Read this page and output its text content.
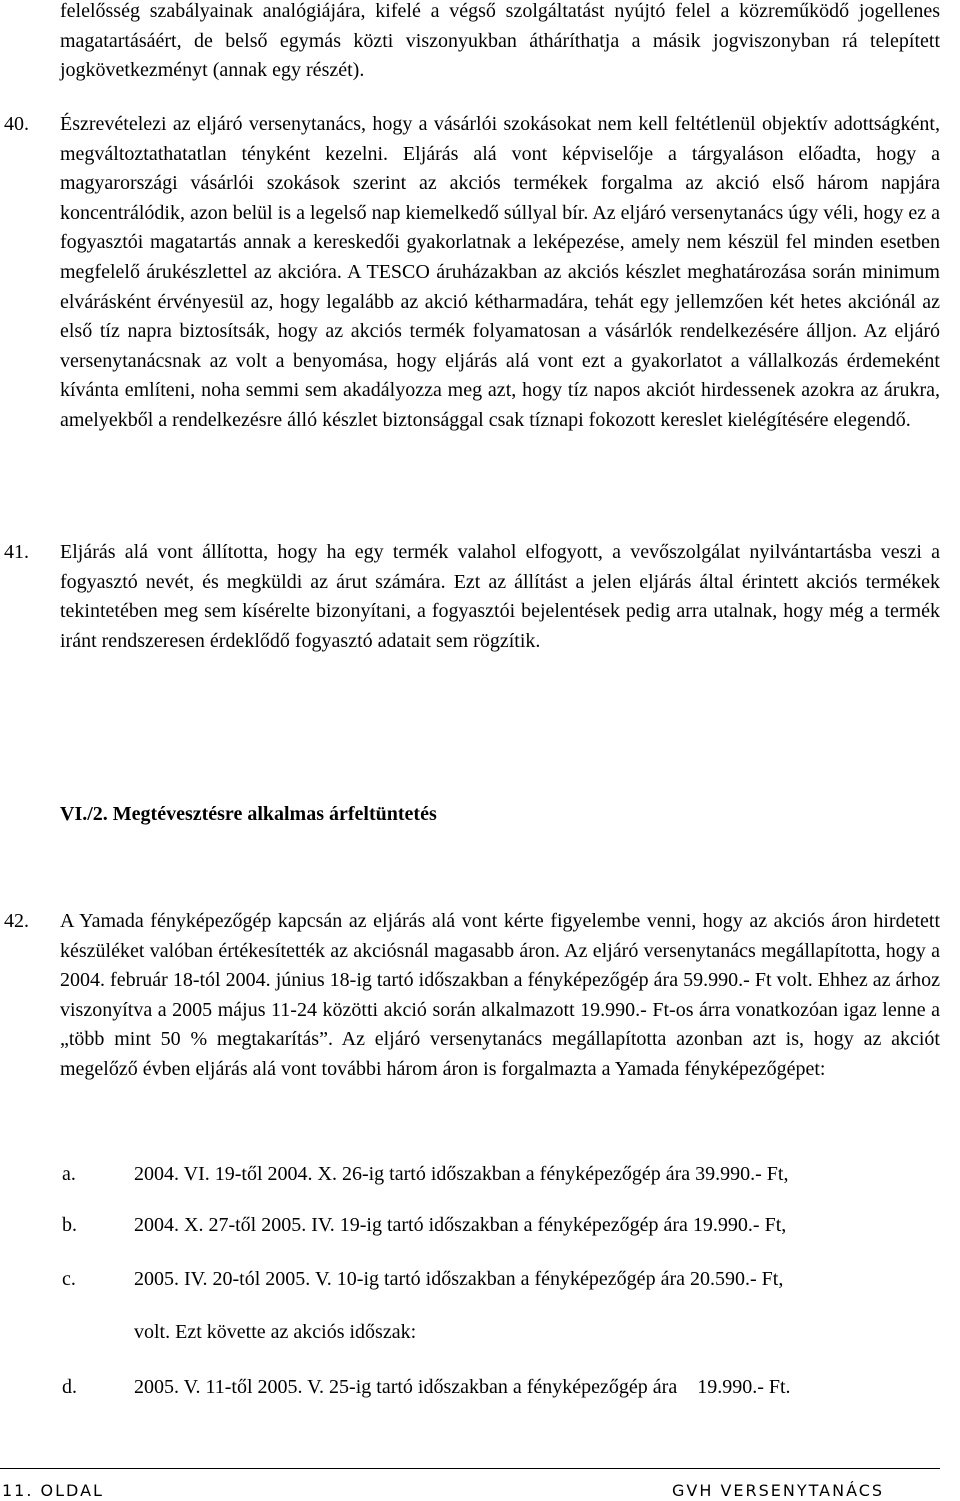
felelősség szabályainak analógiájára, kifelé a végső szolgáltatást nyújtó felel a közreműködő jogellenes magatartásáért, de belső egymás közti viszonyukban átháríthatja a másik jogviszonyban rá telepített jogkövetkezményt (annak egy részét).

40. Észrevételezi az eljáró versenytanács, hogy a vásárlói szokásokat nem kell feltétlenül objektív adottságként, megváltoztathatatlan tényként kezelni. Eljárás alá vont képviselője a tárgyaláson előadta, hogy a magyarországi vásárlói szokások szerint az akciós termékek forgalma az akció első három napjára koncentrálódik, azon belül is a legelső nap kiemelkedő súllyal bír. Az eljáró versenytanács úgy véli, hogy ez a fogyasztói magatartás annak a kereskedői gyakorlatnak a leképezése, amely nem készül fel minden esetben megfelelő árukészlettel az akcióra. A TESCO áruházakban az akciós készlet meghatározása során minimum elvárásként érvényesül az, hogy legalább az akció kétharmadára, tehát egy jellemzően két hetes akciónál az első tíz napra biztosítsák, hogy az akciós termék folyamatosan a vásárlók rendelkezésére álljon. Az eljáró versenytanácsnak az volt a benyomása, hogy eljárás alá vont ezt a gyakorlatot a vállalkozás érdemeként kívánta említeni, noha semmi sem akadályozza meg azt, hogy tíz napos akciót hirdessenek azokra az árukra, amelyekből a rendelkezésre álló készlet biztonsággal csak tíznapi fokozott kereslet kielégítésére elegendő.

41. Eljárás alá vont állította, hogy ha egy termék valahol elfogyott, a vevőszolgálat nyilvántartásba veszi a fogyasztó nevét, és megküldi az árut számára. Ezt az állítást a jelen eljárás által érintett akciós termékek tekintetében meg sem kísérelte bizonyítani, a fogyasztói bejelentések pedig arra utalnak, hogy még a termék iránt rendszeresen érdeklődő fogyasztó adatait sem rögzítik.

VI./2. Megtévesztésre alkalmas árfeltüntetés

42. A Yamada fényképezőgép kapcsán az eljárás alá vont kérte figyelembe venni, hogy az akciós áron hirdetett készüléket valóban értékesítették az akciósnál magasabb áron. Az eljáró versenytanács megállapította, hogy a 2004. február 18-tól 2004. június 18-ig tartó időszakban a fényképezőgép ára 59.990.- Ft volt. Ehhez az árhoz viszonyítva a 2005 május 11-24 közötti akció során alkalmazott 19.990.- Ft-os árra vonatkozóan igaz lenne a „több mint 50 % megtakarítás”. Az eljáró versenytanács megállapította azonban azt is, hogy az akciót megelőző évben eljárás alá vont további három áron is forgalmazta a Yamada fényképezőgépet:

a.	2004. VI. 19-től 2004. X. 26-ig tartó időszakban a fényképezőgép ára 39.990.- Ft,

b.	2004. X. 27-től 2005. IV. 19-ig tartó időszakban a fényképezőgép ára 19.990.- Ft,

c.	2005. IV. 20-tól 2005. V. 10-ig tartó időszakban a fényképezőgép ára 20.590.- Ft,

volt. Ezt követte az akciós időszak:

d.	2005. V. 11-től 2005. V. 25-ig tartó időszakban a fényképezőgép ára    19.990.- Ft.

11. OLDAL	GVH VERSENYTANÁCS
